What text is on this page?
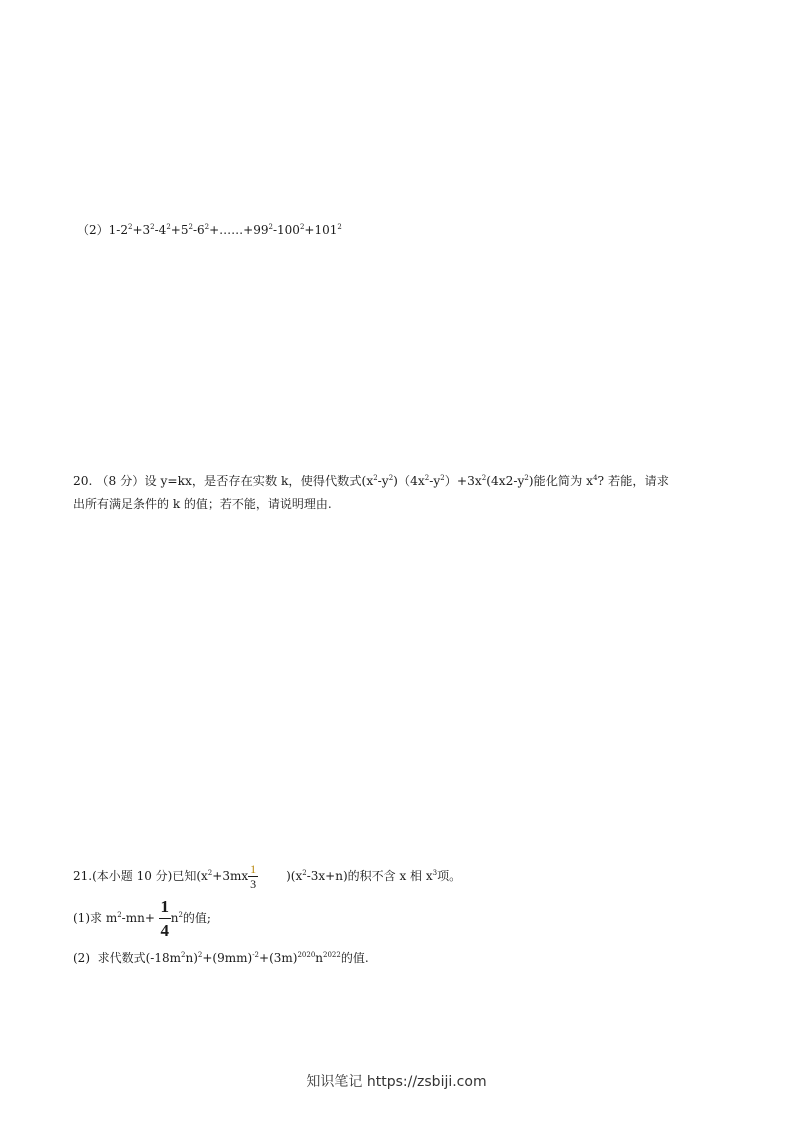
$(2)1-2^2+3^2-4^2+5^2-6^2+\dots\dots+99^2-100^2+101^2$
20. （8 分）设 y=kx，是否存在实数 k，使得代数式$(x^2-y^2)(4x^2-y^2)+3x^2(4x2-y^2)$能化简为 $x^4$? 若能，请求
出所有满足条件的 k 的值；若不能，请说明理由.
21.(本小题 10 分)已知$(x^2+3mx \frac{1}{3} )(x^2-3x+n)$的积不含 x 相 $x^3$项。
(1)求 $m^2-mn+ \frac{1}{4} n^2$的值;
(2)  求代数式$(-18m^2n)^2+(9mm)^{-2}+(3m)^{2020}n^{2022}$的值.
知识笔记 https://zsbiji.com
